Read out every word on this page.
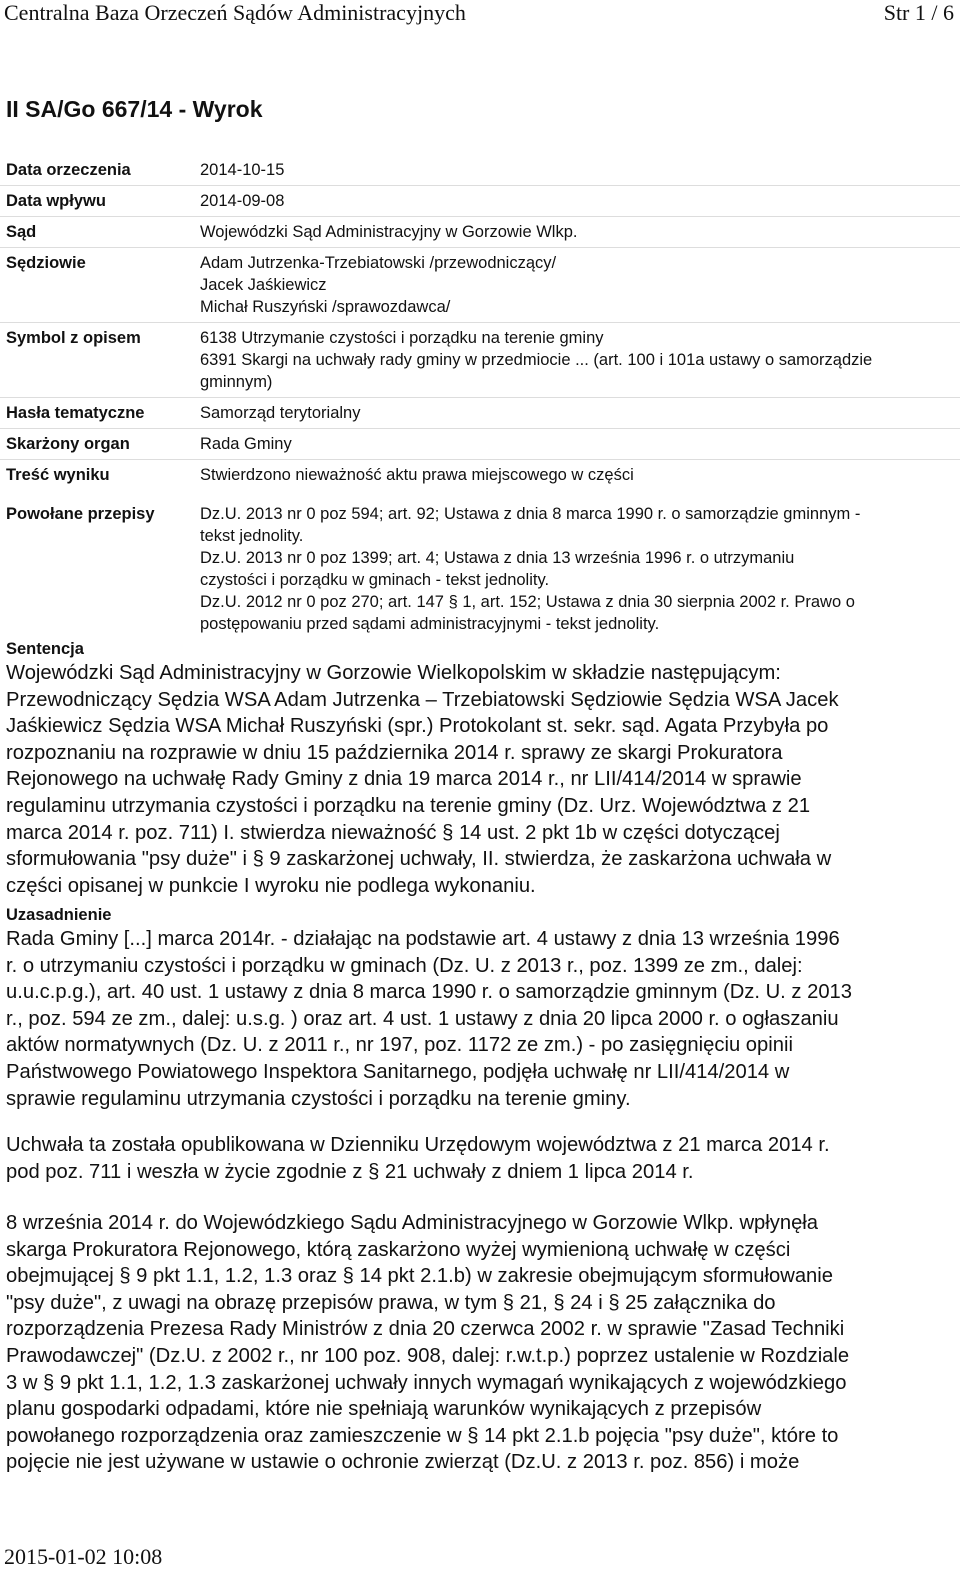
Centralna Baza Orzeczeń Sądów Administracyjnych	Str 1 / 6
II SA/Go 667/14 - Wyrok
Data orzeczenia	2014-10-15
Data wpływu	2014-09-08
Sąd	Wojewódzki Sąd Administracyjny w Gorzowie Wlkp.
Sędziowie	Adam Jutrzenka-Trzebiatowski /przewodniczący/
Jacek Jaśkiewicz
Michał Ruszyński /sprawozdawca/
Symbol z opisem	6138 Utrzymanie czystości i porządku na terenie gminy
6391 Skargi na uchwały rady gminy w przedmiocie ... (art. 100 i 101a ustawy o samorządzie
gminnym)
Hasła tematyczne	Samorząd terytorialny
Skarżony organ	Rada Gminy
Treść wyniku	Stwierdzono nieważność aktu prawa miejscowego w części
Powołane przepisy	Dz.U. 2013 nr 0 poz 594; art. 92; Ustawa z dnia 8 marca 1990 r. o samorządzie gminnym -
tekst jednolity.
Dz.U. 2013 nr 0 poz 1399; art. 4; Ustawa z dnia 13 września 1996 r. o utrzymaniu
czystości i porządku w gminach - tekst jednolity.
Dz.U. 2012 nr 0 poz 270; art. 147 § 1, art. 152; Ustawa z dnia 30 sierpnia 2002 r. Prawo o
postępowaniu przed sądami administracyjnymi - tekst jednolity.
Sentencja
Wojewódzki Sąd Administracyjny w Gorzowie Wielkopolskim w składzie następującym:
Przewodniczący Sędzia WSA Adam Jutrzenka – Trzebiatowski Sędziowie Sędzia WSA Jacek
Jaśkiewicz Sędzia WSA Michał Ruszyński (spr.) Protokolant st. sekr. sąd. Agata Przybyła po
rozpoznaniu na rozprawie w dniu 15 października 2014 r. sprawy ze skargi Prokuratora
Rejonowego na uchwałę Rady Gminy z dnia 19 marca 2014 r., nr LII/414/2014 w sprawie
regulaminu utrzymania czystości i porządku na terenie gminy (Dz. Urz. Województwa z 21
marca 2014 r. poz. 711) I. stwierdza nieważność § 14 ust. 2 pkt 1b w części dotyczącej
sformułowania "psy duże" i § 9 zaskarżonej uchwały, II. stwierdza, że zaskarżona uchwała w
części opisanej w punkcie I wyroku nie podlega wykonaniu.
Uzasadnienie
Rada Gminy [...] marca 2014r. - działając na podstawie art. 4 ustawy z dnia 13 września 1996
r. o utrzymaniu czystości i porządku w gminach (Dz. U. z 2013 r., poz. 1399 ze zm., dalej:
u.u.c.p.g.), art. 40 ust. 1 ustawy z dnia 8 marca 1990 r. o samorządzie gminnym (Dz. U. z 2013
r., poz. 594 ze zm., dalej: u.s.g. ) oraz art. 4 ust. 1 ustawy z dnia 20 lipca 2000 r. o ogłaszaniu
aktów normatywnych (Dz. U. z 2011 r., nr 197, poz. 1172 ze zm.) - po zasięgnięciu opinii
Państwowego Powiatowego Inspektora Sanitarnego, podjęła uchwałę nr LII/414/2014 w
sprawie regulaminu utrzymania czystości i porządku na terenie gminy.
Uchwała ta została opublikowana w Dzienniku Urzędowym województwa z 21 marca 2014 r.
pod poz. 711 i weszła w życie zgodnie z § 21 uchwały z dniem 1 lipca 2014 r.
8 września 2014 r. do Wojewódzkiego Sądu Administracyjnego w Gorzowie Wlkp. wpłynęła
skarga Prokuratora Rejonowego, którą zaskarżono wyżej wymienioną uchwałę w części
obejmującej § 9 pkt 1.1, 1.2, 1.3 oraz § 14 pkt 2.1.b) w zakresie obejmującym sformułowanie
"psy duże", z uwagi na obrazę przepisów prawa, w tym § 21, § 24 i § 25 załącznika do
rozporządzenia Prezesa Rady Ministrów z dnia 20 czerwca 2002 r. w sprawie "Zasad Techniki
Prawodawczej" (Dz.U. z 2002 r., nr 100 poz. 908, dalej: r.w.t.p.) poprzez ustalenie w Rozdziale
3 w § 9 pkt 1.1, 1.2, 1.3 zaskarżonej uchwały innych wymagań wynikających z wojewódzkiego
planu gospodarki odpadami, które nie spełniają warunków wynikających z przepisów
powołanego rozporządzenia oraz zamieszczenie w § 14 pkt 2.1.b pojęcia "psy duże", które to
pojęcie nie jest używane w ustawie o ochronie zwierząt (Dz.U. z 2013 r. poz. 856) i może
2015-01-02 10:08
